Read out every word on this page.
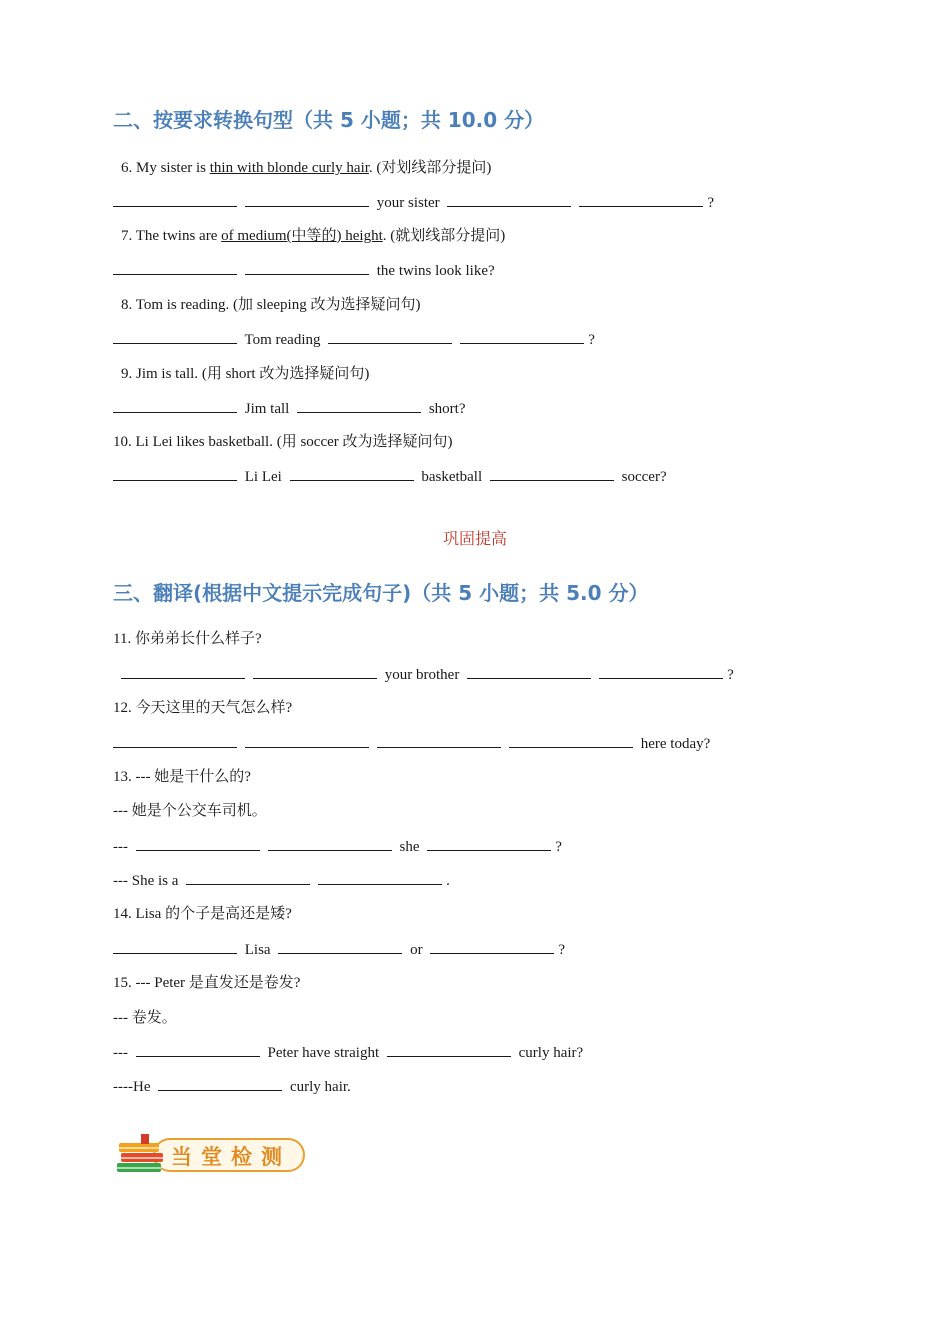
二、按要求转换句型（共 5 小题；共 10.0 分）
6. My sister is thin with blonde curly hair. (对划线部分提问)
your sister	?
7. The twins are of medium(中等的) height. (就划线部分提问)
the twins look like?
8. Tom is reading. (加 sleeping 改为选择疑问句)
Tom reading	?
9. Jim is tall. (用 short 改为选择疑问句)
Jim tall	short?
10. Li Lei likes basketball. (用 soccer 改为选择疑问句)
Li Lei	basketball	soccer?
巩固提高
三、翻译(根据中文提示完成句子)（共 5 小题；共 5.0 分）
11. 你弟弟长什么样子?
your brother	?
12. 今天这里的天气怎么样?
here today?
13. --- 她是干什么的?
--- 她是个公交车司机。
---	she	?
--- She is a	.
14. Lisa 的个子是高还是矮?
Lisa	or	?
15. --- Peter 是直发还是卷发?
--- 卷发。
---	Peter have straight	curly hair?
----He	curly hair.
当堂检测
